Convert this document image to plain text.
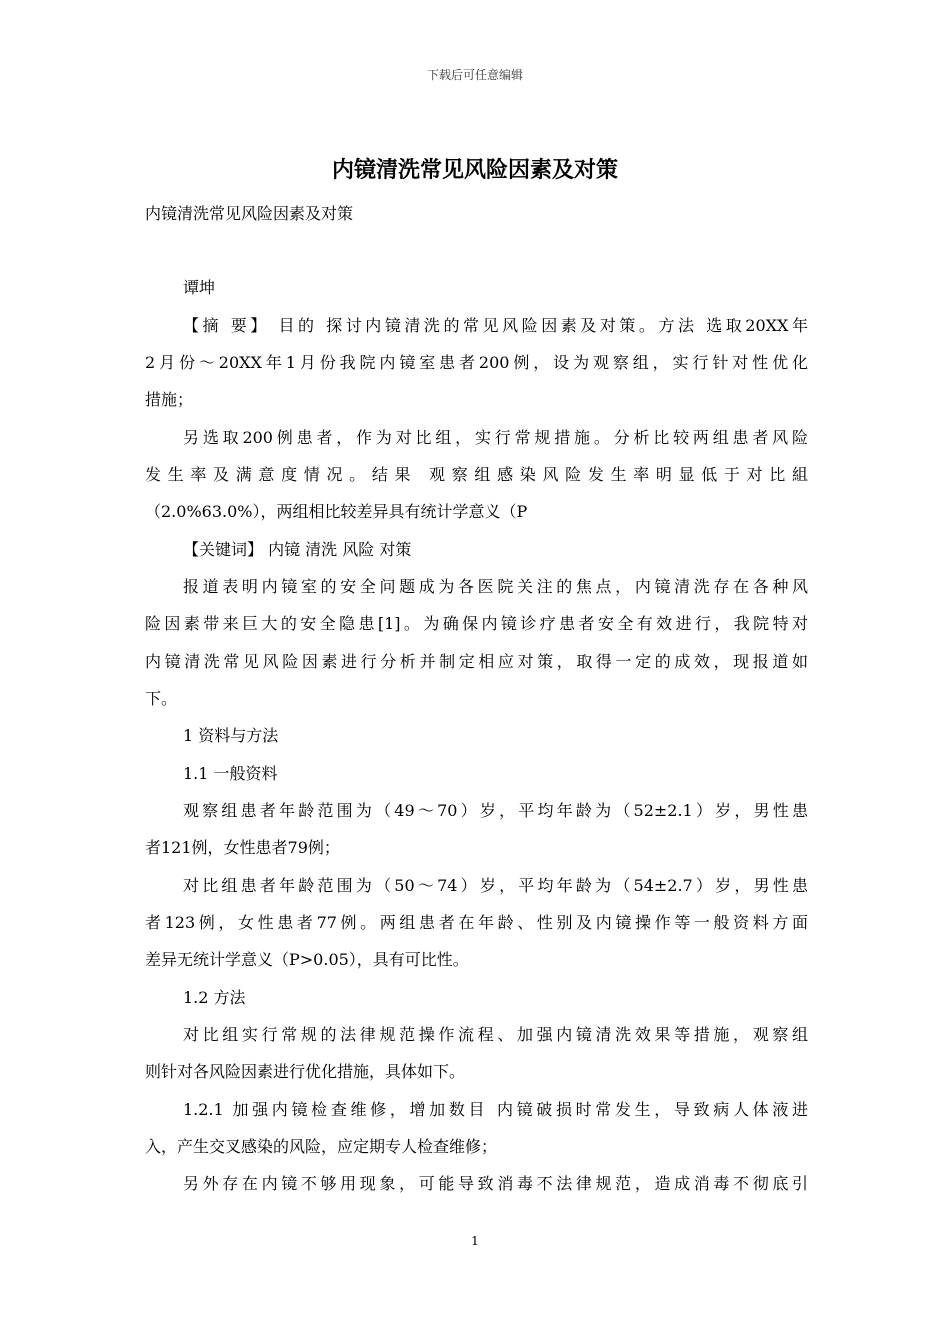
下载后可任意编辑
内镜清洗常见风险因素及对策
内镜清洗常见风险因素及对策
谭坤
【摘 要】 目的 探讨内镜清洗的常见风险因素及对策。方法 选取20XX年
2月份～20XX年1月份我院内镜室患者200例，设为观察组，实行针对性优化
措施；
另选取200例患者，作为对比组，实行常规措施。分析比较两组患者风险
发生率及满意度情况。结果 观察组感染风险发生率明显低于对比組
（2.0%63.0%），两组相比较差异具有统计学意义（P
【关键词】 内镜 清洗 风险 对策
报道表明内镜室的安全问题成为各医院关注的焦点，内镜清洗存在各种风
险因素带来巨大的安全隐患[1]。为确保内镜诊疗患者安全有效进行，我院特对
内镜清洗常见风险因素进行分析并制定相应对策，取得一定的成效，现报道如
下。
1 资料与方法
1.1 一般资料
观察组患者年龄范围为（49～70）岁，平均年龄为（52±2.1）岁，男性患
者121例，女性患者79例；
对比组患者年龄范围为（50～74）岁，平均年龄为（54±2.7）岁，男性患
者123例，女性患者77例。两组患者在年龄、性别及内镜操作等一般资料方面
差异无统计学意义（P>0.05），具有可比性。
1.2 方法
对比组实行常规的法律规范操作流程、加强内镜清洗效果等措施，观察组
则针对各风险因素进行优化措施，具体如下。
1.2.1 加强内镜检查维修，增加数目 内镜破损时常发生，导致病人体液进
入，产生交叉感染的风险，应定期专人检查维修；
另外存在内镜不够用现象，可能导致消毒不法律规范，造成消毒不彻底引
1
